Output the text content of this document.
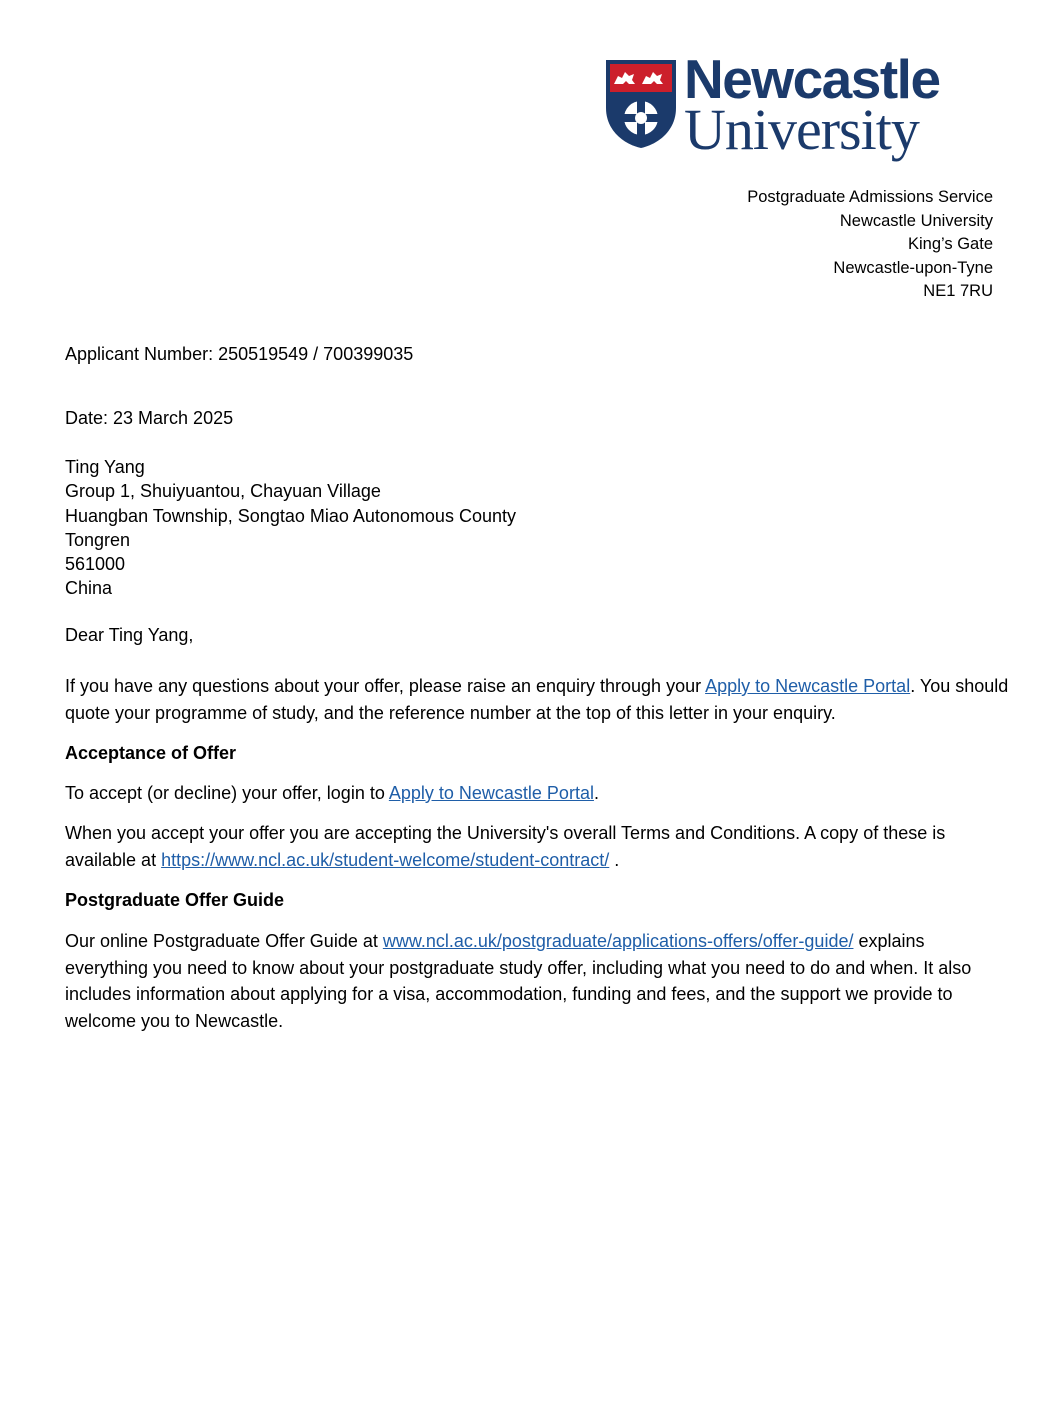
Newcastle
University
Postgraduate Admissions Service
Newcastle University
King’s Gate
Newcastle-upon-Tyne
NE1 7RU
Applicant Number: 250519549 / 700399035
Date: 23 March 2025
Ting Yang
Group 1, Shuiyuantou, Chayuan Village
Huangban Township, Songtao Miao Autonomous County
Tongren
561000
China
Dear Ting Yang,
If you have any questions about your offer, please raise an enquiry through your Apply to Newcastle Portal. You should quote your programme of study, and the reference number at the top of this letter in your enquiry.
Acceptance of Offer
To accept (or decline) your offer, login to Apply to Newcastle Portal.
When you accept your offer you are accepting the University's overall Terms and Conditions. A copy of these is available at https://www.ncl.ac.uk/student-welcome/student-contract/ .
Postgraduate Offer Guide
Our online Postgraduate Offer Guide at www.ncl.ac.uk/postgraduate/applications-offers/offer-guide/ explains everything you need to know about your postgraduate study offer, including what you need to do and when. It also includes information about applying for a visa, accommodation, funding and fees, and the support we provide to welcome you to Newcastle.
